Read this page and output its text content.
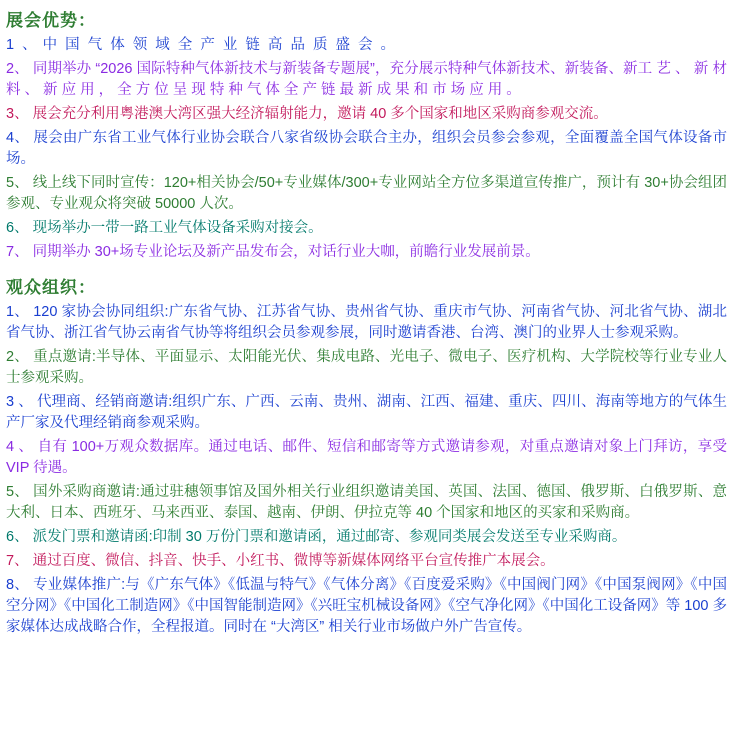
展会优势：

1 、 中 国 气 体 领 域 全 产 业 链 高 品 质 盛 会 。

2、 同期举办 “2026 国际特种气体新技术与新装备专题展”，充分展示特种气体新技术、新装备、新工 艺 、 新 材 料 、 新 应 用 ， 全 方 位 呈 现 特 种 气 体 全 产 链 最 新 成 果 和 市 场 应 用 。

3、 展会充分利用粤港澳大湾区强大经济辐射能力，邀请 40 多个国家和地区采购商参观交流。

4、 展会由广东省工业气体行业协会联合八家省级协会联合主办，组织会员参会参观，全面覆盖全国气体设备市场。

5、 线上线下同时宣传：120+相关协会/50+专业媒体/300+专业网站全方位多渠道宣传推广，预计有 30+协会组团参观、专业观众将突破 50000 人次。

6、 现场举办一带一路工业气体设备采购对接会。

7、 同期举办 30+场专业论坛及新产品发布会，对话行业大咖，前瞻行业发展前景。

观众组织：

1、 120 家协会协同组织:广东省气协、江苏省气协、贵州省气协、重庆市气协、河南省气协、河北省气协、湖北省气协、浙江省气协云南省气协等将组织会员参观参展，同时邀请香港、台湾、澳门的业界人士参观采购。

2、 重点邀请:半导体、平面显示、太阳能光伏、集成电路、光电子、微电子、医疗机构、大学院校等行业专业人士参观采购。

3 、 代理商、经销商邀请:组织广东、广西、云南、贵州、湖南、江西、福建、重庆、四川、海南等地方的气体生产厂家及代理经销商参观采购。

4 、 自有 100+万观众数据库。通过电话、邮件、短信和邮寄等方式邀请参观，对重点邀请对象上门拜访，享受 VIP 待遇。

5、 国外采购商邀请:通过驻穗领事馆及国外相关行业组织邀请美国、英国、法国、德国、俄罗斯、白俄罗斯、意大利、日本、西班牙、马来西亚、泰国、越南、伊朗、伊拉克等 40 个国家和地区的买家和采购商。

6、 派发门票和邀请函:印制 30 万份门票和邀请函，通过邮寄、参观同类展会发送至专业采购商。

7、 通过百度、微信、抖音、快手、小红书、微博等新媒体网络平台宣传推广本展会。

8、 专业媒体推广:与《广东气体》《低温与特气》《气体分离》《百度爱采购》《中国阀门网》《中国泵阀网》《中国空分网》《中国化工制造网》《中国智能制造网》《兴旺宝机械设备网》《空气净化网》《中国化工设备网》等 100 多家媒体达成战略合作，全程报道。同时在 “大湾区” 相关行业市场做户外广告宣传。
